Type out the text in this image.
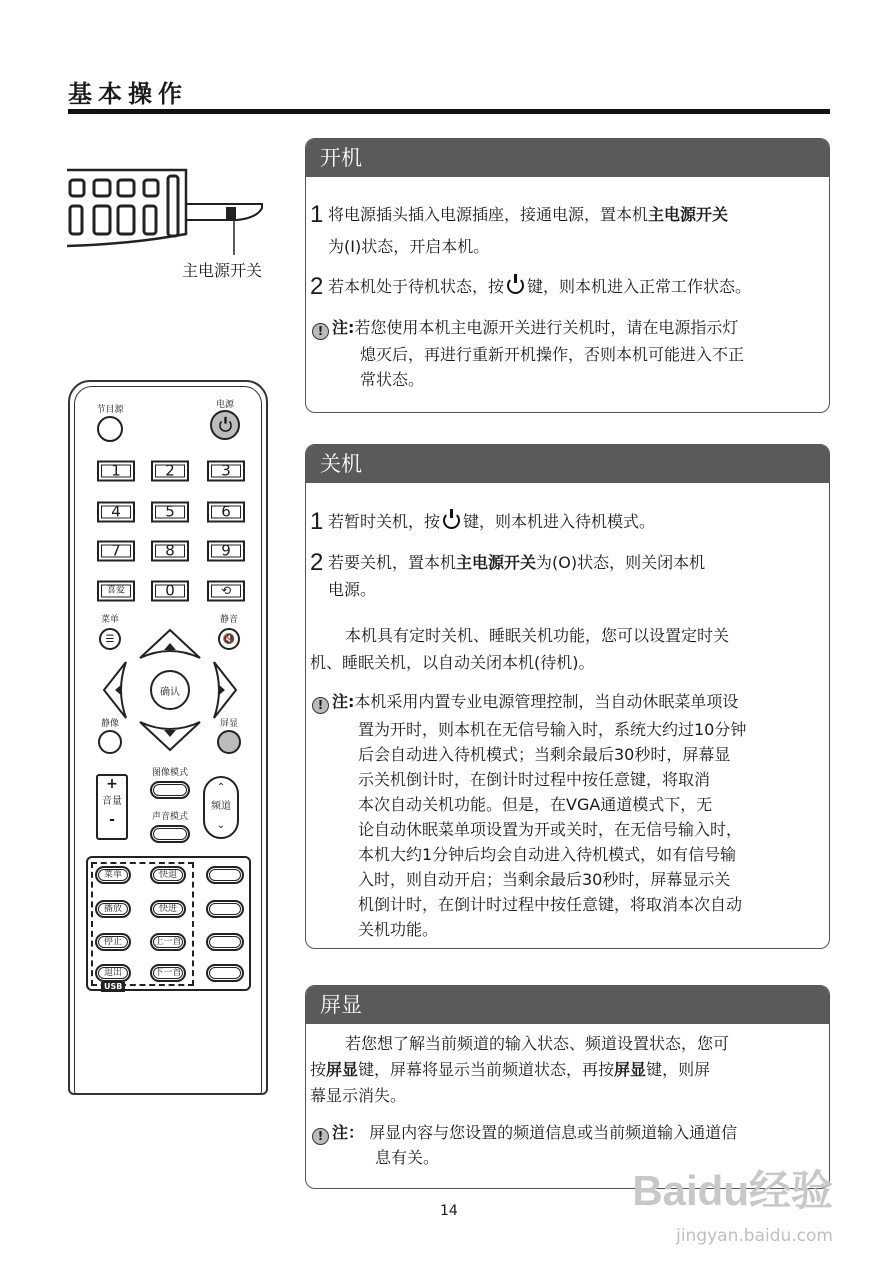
基本操作
主电源开关
节目源	电源
1	2	3
4	5	6
7	8	9
喜爱	0	⟲
菜单
☰
静音
🔇
确认
静像	屏显
+
音量
-
图像模式
声音模式
⌃
频道
⌄
菜单	快退
播放	快进
停止	上一首
退出	下一首
USB
开机
1 将电源插头插入电源插座，接通电源，置本机主电源开关
为(Ⅰ)状态，开启本机。
2 若本机处于待机状态，按 键，则本机进入正常工作状态。
! 注:若您使用本机主电源开关进行关机时，请在电源指示灯
熄灭后，再进行重新开机操作，否则本机可能进入不正
常状态。
关机
1 若暂时关机，按 键，则本机进入待机模式。
2 若要关机，置本机主电源开关为(O)状态，则关闭本机
电源。
本机具有定时关机、睡眠关机功能，您可以设置定时关
机、睡眠关机，以自动关闭本机(待机)。
! 注:本机采用内置专业电源管理控制，当自动休眠菜单项设
置为开时，则本机在无信号输入时，系统大约过10分钟
后会自动进入待机模式；当剩余最后30秒时，屏幕显
示关机倒计时，在倒计时过程中按任意键，将取消
本次自动关机功能。但是，在VGA通道模式下，无
论自动休眠菜单项设置为开或关时，在无信号输入时，
本机大约1分钟后均会自动进入待机模式，如有信号输
入时，则自动开启；当剩余最后30秒时，屏幕显示关
机倒计时，在倒计时过程中按任意键，将取消本次自动
关机功能。
屏显
若您想了解当前频道的输入状态、频道设置状态，您可
按屏显键，屏幕将显示当前频道状态，再按屏显键，则屏
幕显示消失。
! 注： 屏显内容与您设置的频道信息或当前频道输入通道信
息有关。
14	Baidu经验
jingyan.baidu.com
